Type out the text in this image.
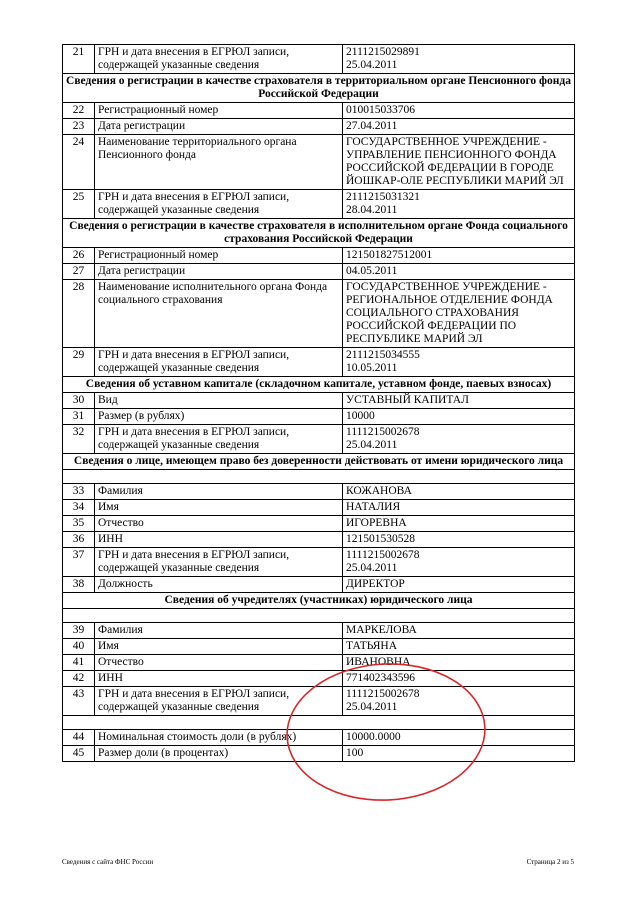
21	ГРН и дата внесения в ЕГРЮЛ записи, содержащей указанные сведения	2111215029891
25.04.2011
Сведения о регистрации в качестве страхователя в территориальном органе Пенсионного фонда Российской Федерации		
22	Регистрационный номер	010015033706
23	Дата регистрации	27.04.2011
24	Наименование территориального органа Пенсионного фонда	ГОСУДАРСТВЕННОЕ УЧРЕЖДЕНИЕ - УПРАВЛЕНИЕ ПЕНСИОННОГО ФОНДА РОССИЙСКОЙ ФЕДЕРАЦИИ В ГОРОДЕ ЙОШКАР-ОЛЕ РЕСПУБЛИКИ МАРИЙ ЭЛ
25	ГРН и дата внесения в ЕГРЮЛ записи, содержащей указанные сведения	2111215031321
28.04.2011
Сведения о регистрации в качестве страхователя в исполнительном органе Фонда социального страхования Российской Федерации		
26	Регистрационный номер	121501827512001
27	Дата регистрации	04.05.2011
28	Наименование исполнительного органа Фонда социального страхования	ГОСУДАРСТВЕННОЕ УЧРЕЖДЕНИЕ - РЕГИОНАЛЬНОЕ ОТДЕЛЕНИЕ ФОНДА СОЦИАЛЬНОГО СТРАХОВАНИЯ РОССИЙСКОЙ ФЕДЕРАЦИИ ПО РЕСПУБЛИКЕ МАРИЙ ЭЛ
29	ГРН и дата внесения в ЕГРЮЛ записи, содержащей указанные сведения	2111215034555
10.05.2011
Сведения об уставном капитале (складочном капитале, уставном фонде, паевых взносах)		
30	Вид	УСТАВНЫЙ КАПИТАЛ
31	Размер (в рублях)	10000
32	ГРН и дата внесения в ЕГРЮЛ записи, содержащей указанные сведения	1111215002678
25.04.2011
Сведения о лице, имеющем право без доверенности действовать от имени юридического лица		

33	Фамилия	КОЖАНОВА
34	Имя	НАТАЛИЯ
35	Отчество	ИГОРЕВНА
36	ИНН	121501530528
37	ГРН и дата внесения в ЕГРЮЛ записи, содержащей указанные сведения	1111215002678
25.04.2011
38	Должность	ДИРЕКТОР
Сведения об учредителях (участниках) юридического лица		

39	Фамилия	МАРКЕЛОВА
40	Имя	ТАТЬЯНА
41	Отчество	ИВАНОВНА
42	ИНН	771402343596
43	ГРН и дата внесения в ЕГРЮЛ записи, содержащей указанные сведения	1111215002678
25.04.2011

44	Номинальная стоимость доли (в рублях)	10000.0000
45	Размер доли (в процентах)	100
Сведения с сайта ФНС России	Страница 2 из 5
